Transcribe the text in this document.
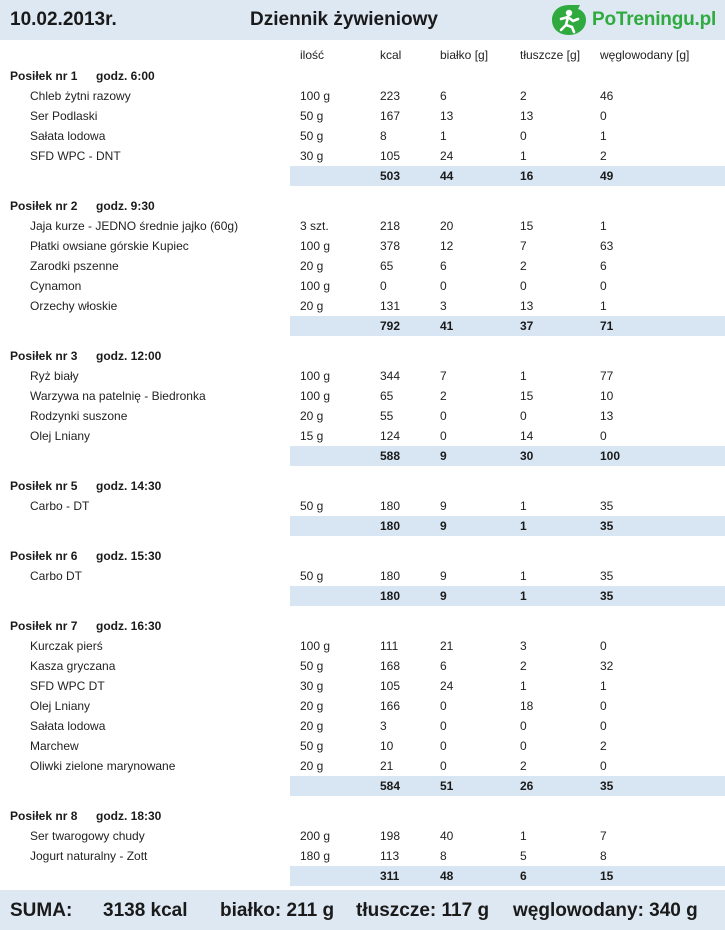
10.02.2013r.	Dziennik żywieniowy	PoTreningu.pl
ilość	kcal	białko [g]	tłuszcze [g] węglowodany [g]
Posiłek nr 1 godz. 6:00
Chleb żytni razowy	100 g	223	6	2	46
Ser Podlaski	50 g	167	13	13	0
Sałata lodowa	50 g	8	1	0	1
SFD WPC - DNT	30 g	105	24	1	2
503	44	16	49
Posiłek nr 2 godz. 9:30
Jaja kurze - JEDNO średnie jajko (60g)	3 szt.	218	20	15	1
Płatki owsiane górskie Kupiec	100 g	378	12	7	63
Zarodki pszenne	20 g	65	6	2	6
Cynamon	100 g	0	0	0	0
Orzechy włoskie	20 g	131	3	13	1
792	41	37	71
Posiłek nr 3 godz. 12:00
Ryż biały	100 g	344	7	1	77
Warzywa na patelnię - Biedronka	100 g	65	2	15	10
Rodzynki suszone	20 g	55	0	0	13
Olej Lniany	15 g	124	0	14	0
588	9	30	100
Posiłek nr 5 godz. 14:30
Carbo - DT	50 g	180	9	1	35
180	9	1	35
Posiłek nr 6 godz. 15:30
Carbo DT	50 g	180	9	1	35
180	9	1	35
Posiłek nr 7 godz. 16:30
Kurczak pierś	100 g	111	21	3	0
Kasza gryczana	50 g	168	6	2	32
SFD WPC DT	30 g	105	24	1	1
Olej Lniany	20 g	166	0	18	0
Sałata lodowa	20 g	3	0	0	0
Marchew	50 g	10	0	0	2
Oliwki zielone marynowane	20 g	21	0	2	0
584	51	26	35
Posiłek nr 8 godz. 18:30
Ser twarogowy chudy	200 g	198	40	1	7
Jogurt naturalny - Zott	180 g	113	8	5	8
311	48	6	15
SUMA: 3138 kcal białko: 211 g tłuszcze: 117 g węglowodany: 340 g
